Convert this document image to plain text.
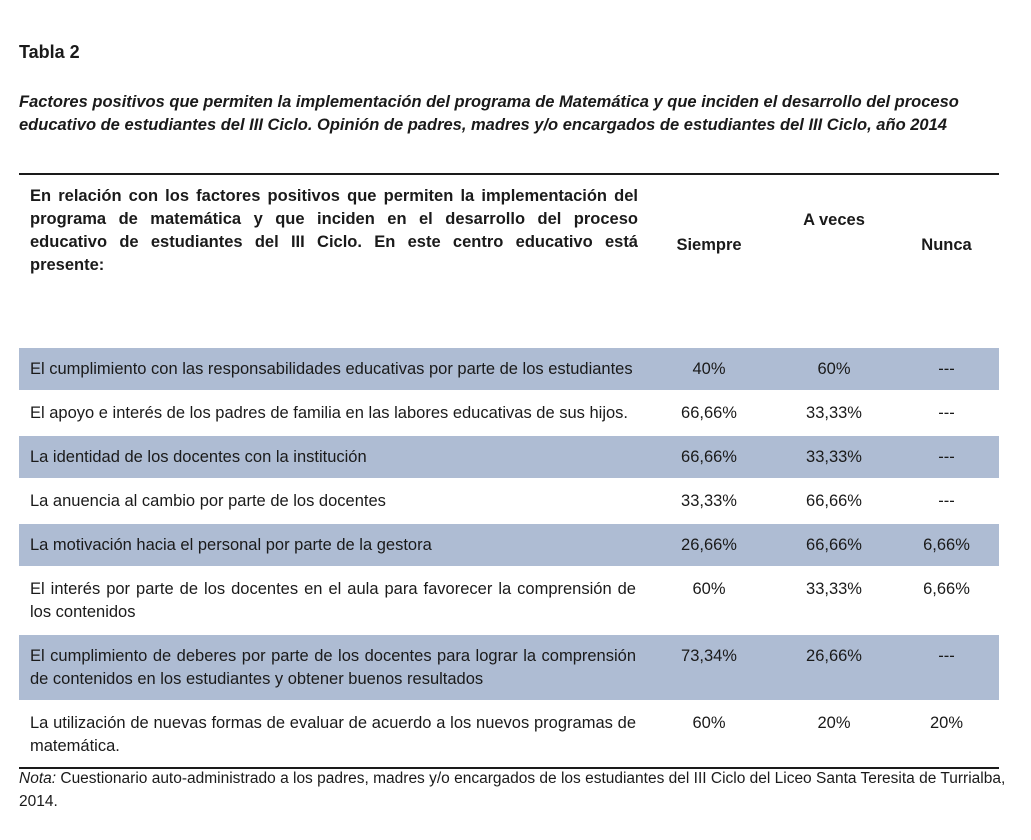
Tabla 2
Factores positivos que permiten la implementación del programa de Matemática y que inciden el desarrollo del proceso educativo de estudiantes del III Ciclo. Opinión de padres, madres y/o encargados de estudiantes del III Ciclo, año 2014
En relación con los factores positivos que permiten la implementación del programa de matemática y que inciden en el desarrollo del proceso educativo de estudiantes del III Ciclo. En este centro educativo está presente:	Siempre	A veces	Nunca
El cumplimiento con las responsabilidades educativas por parte de los estudiantes	40%	60%	---
El apoyo e interés de los padres de familia en las labores educativas de sus hijos.	66,66%	33,33%	---
La identidad de los docentes con la institución	66,66%	33,33%	---
La anuencia al cambio por parte de los docentes	33,33%	66,66%	---
La motivación hacia el personal por parte de la gestora	26,66%	66,66%	6,66%
El interés por parte de los docentes en el aula para favorecer la comprensión de los contenidos	60%	33,33%	6,66%
El cumplimiento de deberes por parte de los docentes para lograr la comprensión de contenidos en los estudiantes y obtener buenos resultados	73,34%	26,66%	---
La utilización de nuevas formas de evaluar de acuerdo a los nuevos programas de matemática.	60%	20%	20%
Nota: Cuestionario auto-administrado a los padres, madres y/o encargados de los estudiantes del III Ciclo del Liceo Santa Teresita de Turrialba, 2014.
